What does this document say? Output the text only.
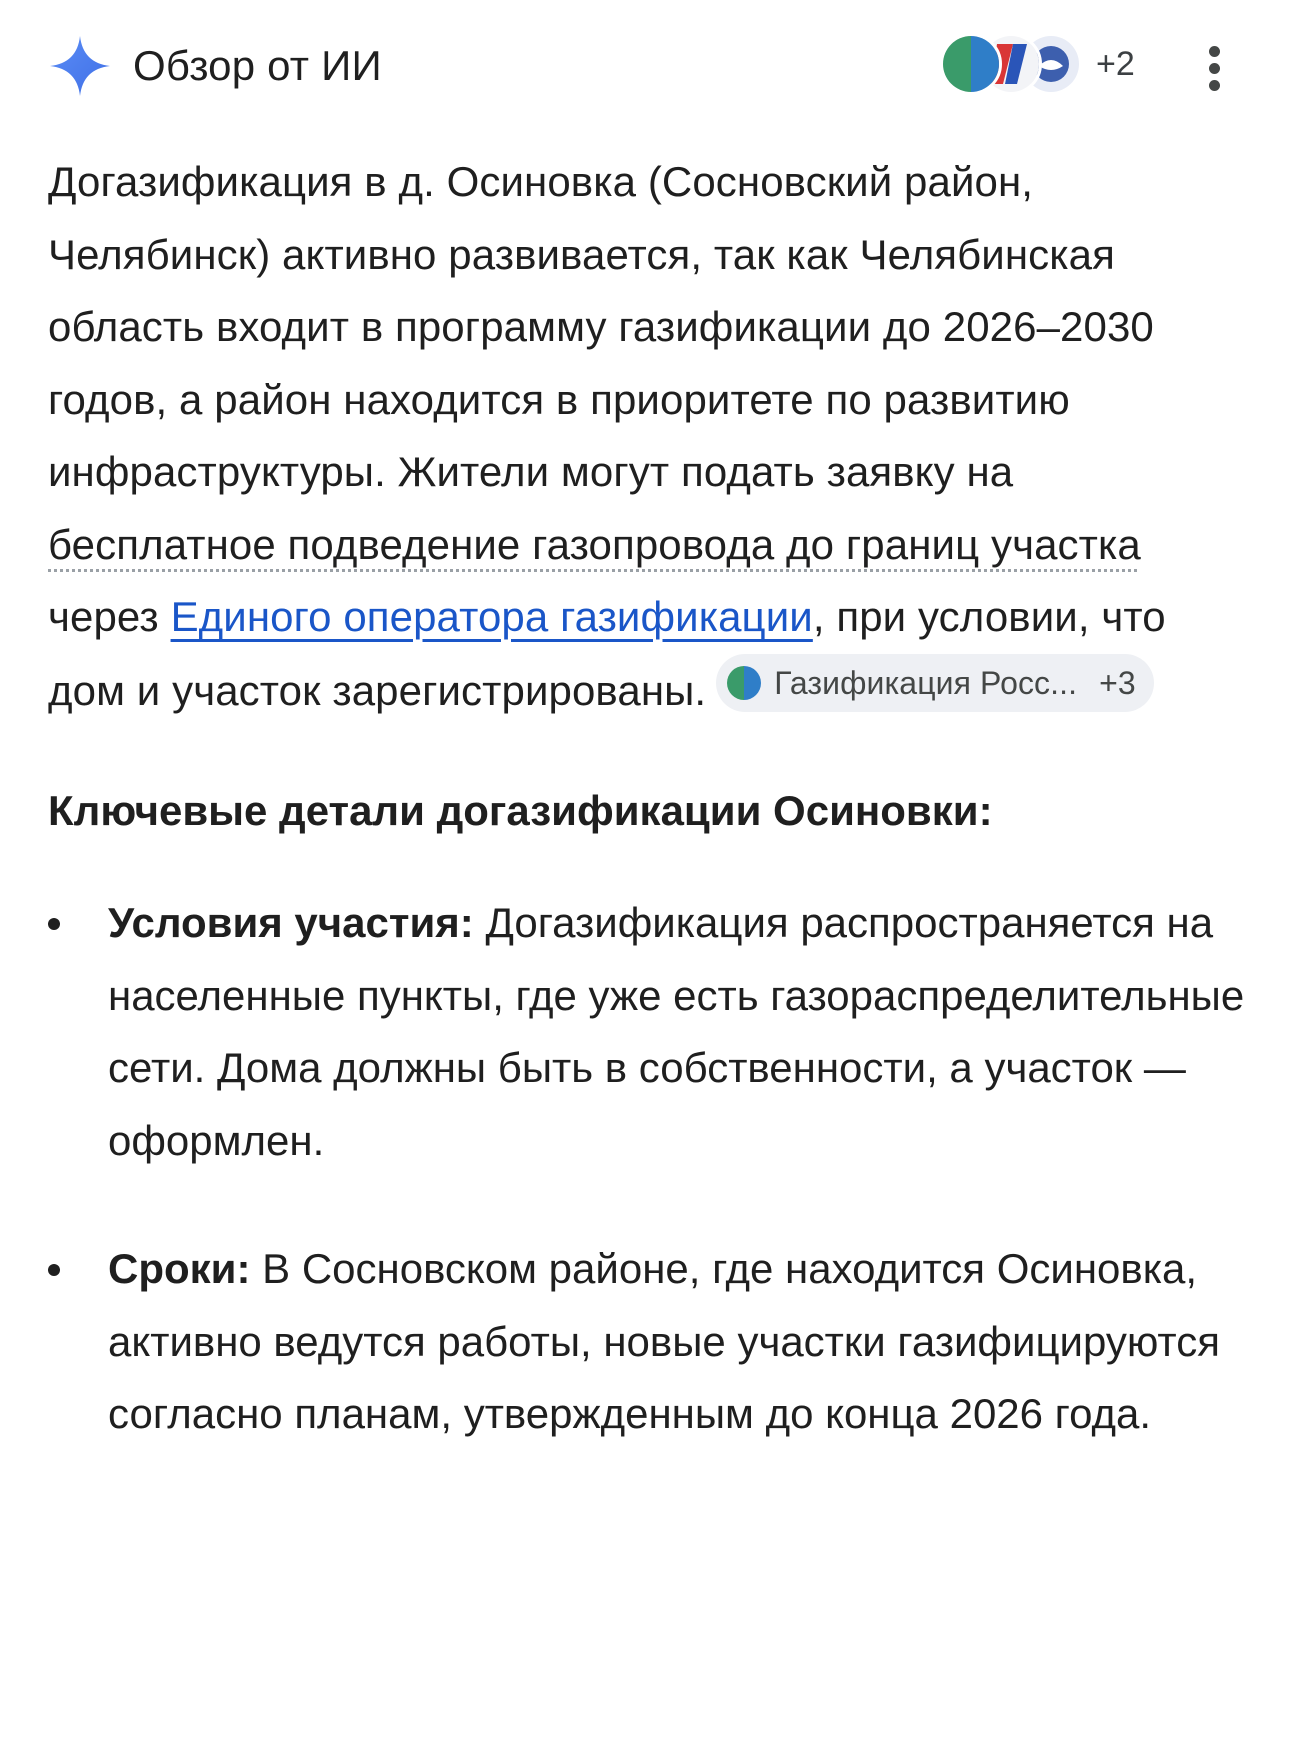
Обзор от ИИ	+2

Догазификация в д. Осиновка (Сосновский район, Челябинск) активно развивается, так как Челябинская область входит в программу газификации до 2026–2030 годов, а район находится в приоритете по развитию инфраструктуры. Жители могут подать заявку на бесплатное подведение газопровода до границ участка через Единого оператора газификации, при условии, что дом и участок зарегистрированы. Газификация Росс... +3

Ключевые детали догазификации Осиновки:
Условия участия: Догазификация распространяется на населенные пункты, где уже есть газораспределительные сети. Дома должны быть в собственности, а участок — оформлен.
Сроки: В Сосновском районе, где находится Осиновка, активно ведутся работы, новые участки газифицируются согласно планам, утвержденным до конца 2026 года.
